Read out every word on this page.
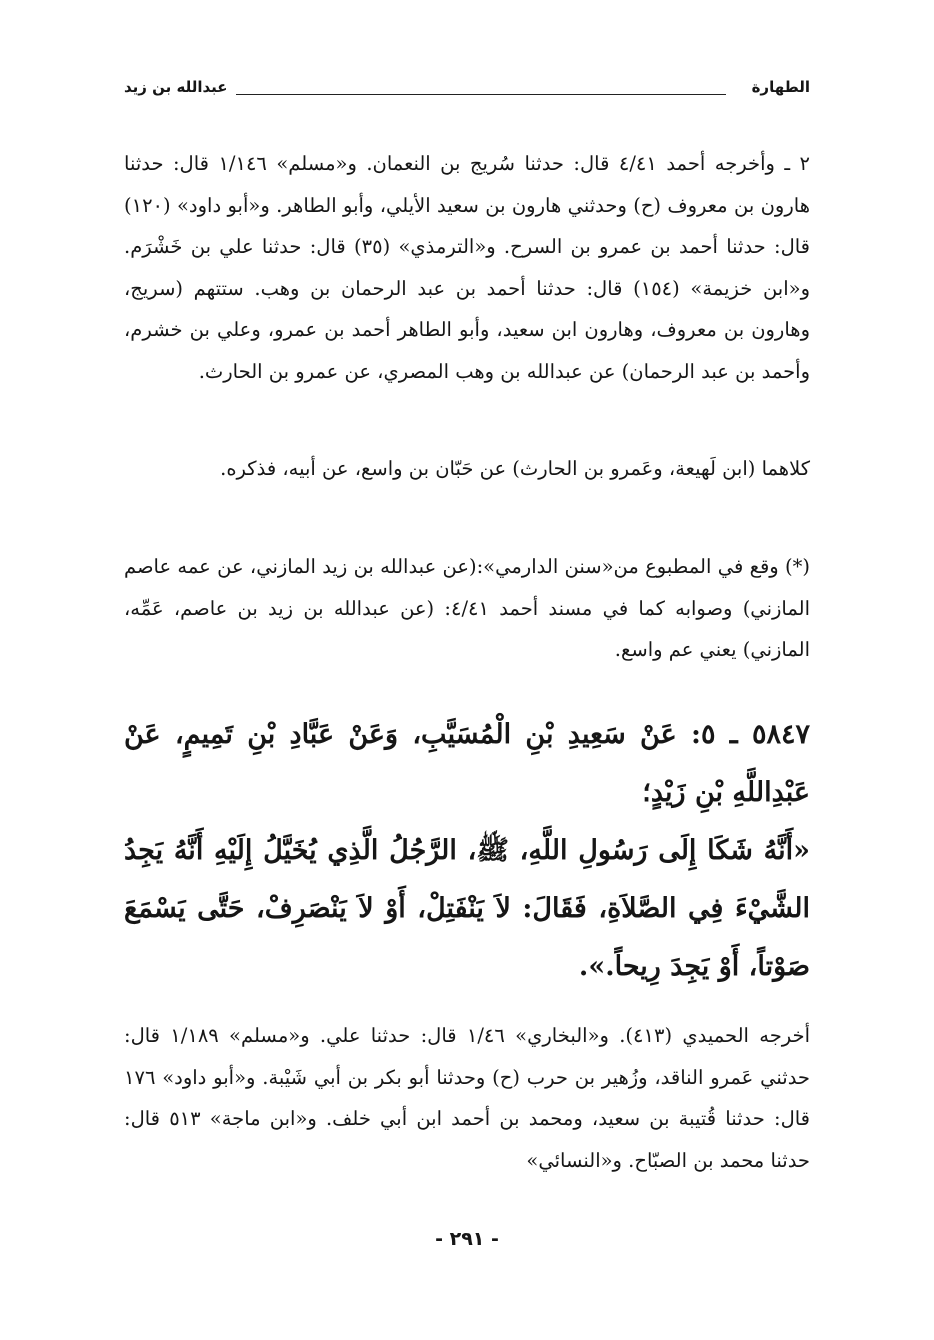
الطهارة
عبدالله بن زيد

٢ ـ وأخرجه أحمد ٤/٤١ قال: حدثنا سُريج بن النعمان. و«مسلم» ١/١٤٦ قال: حدثنا هارون بن معروف (ح) وحدثني هارون بن سعيد الأيلي، وأبو الطاهر. و«أبو داود» (١٢٠) قال: حدثنا أحمد بن عمرو بن السرح. و«الترمذي» (٣٥) قال: حدثنا علي بن خَشْرَم. و«ابن خزيمة» (١٥٤) قال: حدثنا أحمد بن عبد الرحمان بن وهب. ستتهم (سريج، وهارون بن معروف، وهارون ابن سعيد، وأبو الطاهر أحمد بن عمرو، وعلي بن خشرم، وأحمد بن عبد الرحمان) عن عبدالله بن وهب المصري، عن عمرو بن الحارث.

كلاهما (ابن لَهيعة، وعَمرو بن الحارث) عن حَبّان بن واسع، عن أبيه، فذكره.

(*) وقع في المطبوع من«سنن الدارمي»:(عن عبدالله بن زيد المازني، عن عمه عاصم المازني) وصوابه كما في مسند أحمد ٤/٤١: (عن عبدالله بن زيد بن عاصم، عَمِّه، المازني) يعني عم واسع.

٥٨٤٧ ـ ٥: عَنْ سَعِيدِ بْنِ الْمُسَيَّبِ، وَعَنْ عَبَّادِ بْنِ تَمِيمٍ، عَنْ عَبْدِاللَّهِ بْنِ زَيْدٍ؛

«أَنَّهُ شَكَا إِلَى رَسُولِ اللَّهِ، ﷺ، الرَّجُلُ الَّذِي يُخَيَّلُ إِلَيْهِ أَنَّهُ يَجِدُ الشَّيْءَ فِي الصَّلاَةِ، فَقَالَ: لاَ يَنْفَتِلْ، أَوْ لاَ يَنْصَرِفْ، حَتَّى يَسْمَعَ صَوْتاً، أَوْ يَجِدَ رِيحاً.».

أخرجه الحميدي (٤١٣). و«البخاري» ١/٤٦ قال: حدثنا علي. و«مسلم» ١/١٨٩ قال: حدثني عَمرو الناقد، وزُهير بن حرب (ح) وحدثنا أبو بكر بن أبي شَيْبة. و«أبو داود» ١٧٦ قال: حدثنا قُتيبة بن سعيد، ومحمد بن أحمد ابن أبي خلف. و«ابن ماجة» ٥١٣ قال: حدثنا محمد بن الصبّاح. و«النسائي»

- ٢٩١ -
